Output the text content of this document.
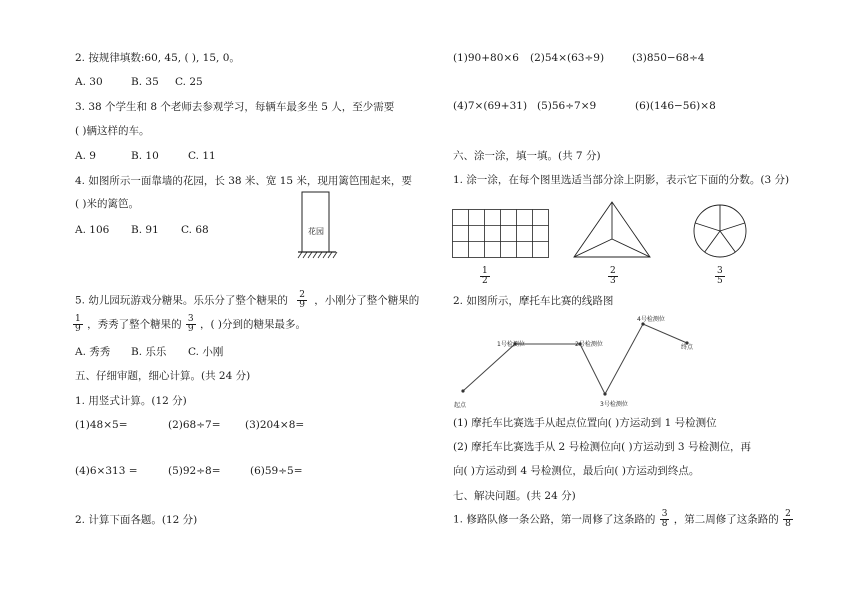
2. 按规律填数:60, 45, ( ), 15, 0。
A. 30	B. 35 C. 25
3. 38 个学生和 8 个老师去参观学习，每辆车最多坐 5 人，至少需要
( )辆这样的车。
A. 9	B. 10	C. 11
4. 如图所示一面靠墙的花园，长 38 米、宽 15 米，现用篱笆围起来，要
( )米的篱笆。
A. 106 B. 91 C. 68	花园
5. 幼儿园玩游戏分糖果。乐乐分了整个糖果的 $\frac{2}{9}$ ，小刚分了整个糖果的
$\frac{1}{9}$ ，秀秀了整个糖果的 $\frac{3}{9}$ ，( )分到的糖果最多。
A. 秀秀 B. 乐乐 C. 小刚
五、仔细审题，细心计算。(共 24 分)
1. 用竖式计算。(12 分)
(1)48×5=	(2)68÷7= (3)204×8=
(4)6×313 =	(5)92÷8=	(6)59÷5=
2. 计算下面各题。(12 分)
(1)90+80×6 (2)54×(63÷9)	(3)850−68÷4
(4)7×(69+31) (5)56÷7×9	(6)(146−56)×8
六、涂一涂，填一填。(共 7 分)
1. 涂一涂，在每个图里选适当部分涂上阴影，表示它下面的分数。(3 分)
$\frac{1}{2}$	$\frac{2}{3}$	$\frac{3}{5}$
2. 如图所示，摩托车比赛的线路图
起点
1号检测位	2号检测位
3号检测位
4号检测位
终点
(1) 摩托车比赛选手从起点位置向( )方运动到 1 号检测位
(2) 摩托车比赛选手从 2 号检测位向( )方运动到 3 号检测位，再
向( )方运动到 4 号检测位，最后向( )方运动到终点。
七、解决问题。(共 24 分)
1. 修路队修一条公路，第一周修了这条路的 $\frac{3}{8}$ ，第二周修了这条路的 $\frac{2}{8}$
